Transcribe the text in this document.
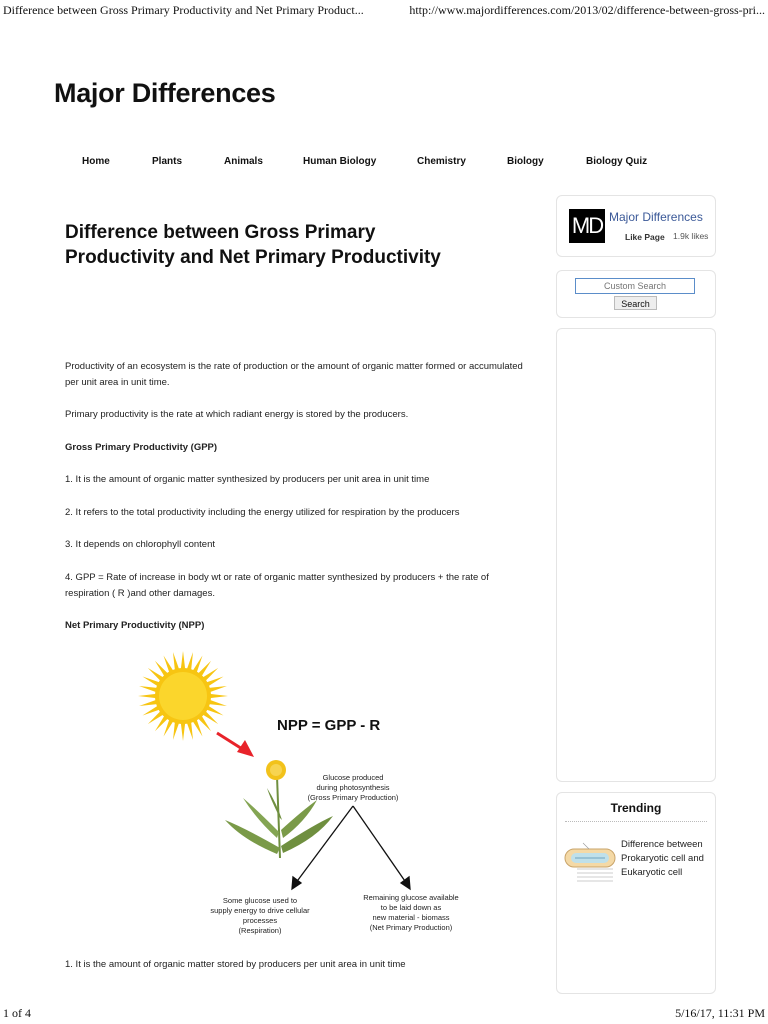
Difference between Gross Primary Productivity and Net Primary Product...	http://www.majordifferences.com/2013/02/difference-between-gross-pri...
Major Differences
Home	Plants	Animals	Human Biology	Chemistry	Biology	Biology Quiz
Difference between Gross Primary
Productivity and Net Primary Productivity

Productivity of an ecosystem is the rate of production or the amount of organic matter formed or accumulated per unit area in unit time.

Primary productivity is the rate at which radiant energy is stored by the producers.

Gross Primary Productivity (GPP)

1. It is the amount of organic matter synthesized by producers per unit area in unit time

2. It refers to the total productivity including the energy utilized for respiration by the producers

3. It depends on chlorophyll content

4. GPP = Rate of increase in body wt or rate of organic matter synthesized by producers + the rate of respiration ( R )and other damages.

Net Primary Productivity (NPP)

1. It is the amount of organic matter stored by producers per unit area in unit time

NPP = GPP - R
Glucose produced
during photosynthesis
(Gross Primary Production)
Some glucose used to
supply energy to drive cellular
processes
(Respiration)
Remaining glucose available
to be laid down as
new material - biomass
(Net Primary Production)
MD Major Differences
Like Page 1.9k likes
Custom Search
Search
Trending
Difference between Prokaryotic cell and Eukaryotic cell
1 of 4	5/16/17, 11:31 PM
